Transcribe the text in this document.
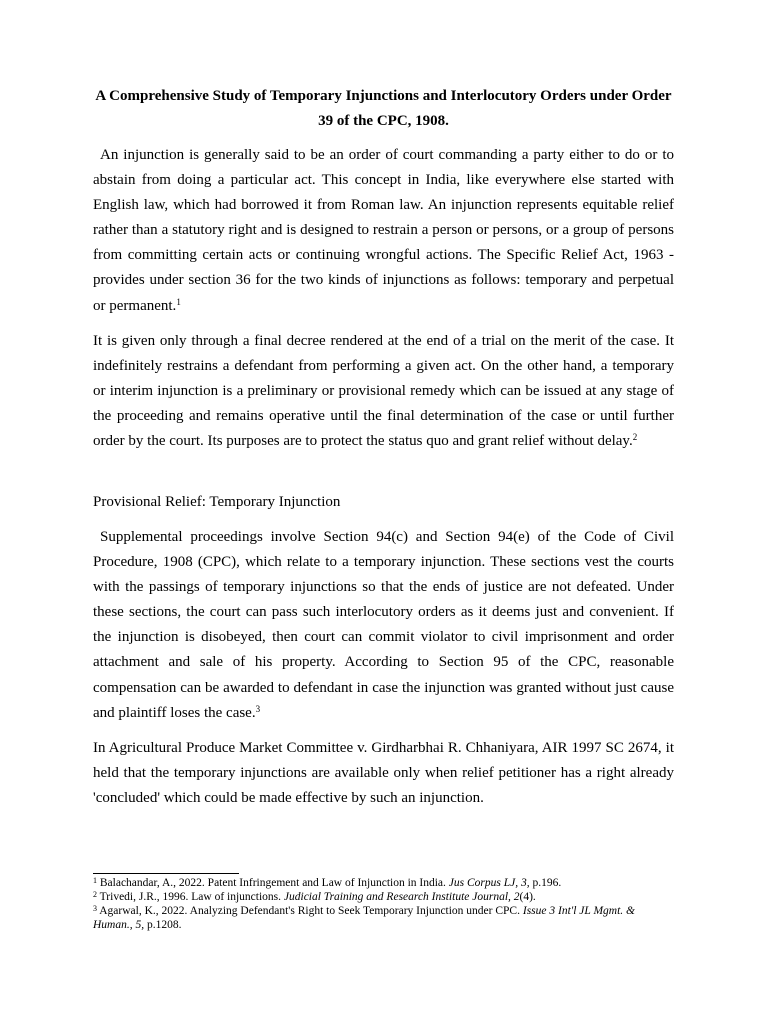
A Comprehensive Study of Temporary Injunctions and Interlocutory Orders under Order 39 of the CPC, 1908.

An injunction is generally said to be an order of court commanding a party either to do or to abstain from doing a particular act. This concept in India, like everywhere else started with English law, which had borrowed it from Roman law. An injunction represents equitable relief rather than a statutory right and is designed to restrain a person or persons, or a group of persons from committing certain acts or continuing wrongful actions. The Specific Relief Act, 1963 - provides under section 36 for the two kinds of injunctions as follows: temporary and perpetual or permanent.$^1$

It is given only through a final decree rendered at the end of a trial on the merit of the case. It indefinitely restrains a defendant from performing a given act. On the other hand, a temporary or interim injunction is a preliminary or provisional remedy which can be issued at any stage of the proceeding and remains operative until the final determination of the case or until further order by the court. Its purposes are to protect the status quo and grant relief without delay.$^2$

Provisional Relief: Temporary Injunction

Supplemental proceedings involve Section 94(c) and Section 94(e) of the Code of Civil Procedure, 1908 (CPC), which relate to a temporary injunction. These sections vest the courts with the passings of temporary injunctions so that the ends of justice are not defeated. Under these sections, the court can pass such interlocutory orders as it deems just and convenient. If the injunction is disobeyed, then court can commit violator to civil imprisonment and order attachment and sale of his property. According to Section 95 of the CPC, reasonable compensation can be awarded to defendant in case the injunction was granted without just cause and plaintiff loses the case.$^3$

In Agricultural Produce Market Committee v. Girdharbhai R. Chhaniyara, AIR 1997 SC 2674, it held that the temporary injunctions are available only when relief petitioner has a right already 'concluded' which could be made effective by such an injunction.

$^1$ Balachandar, A., 2022. Patent Infringement and Law of Injunction in India. Jus Corpus LJ, 3, p.196.

$^2$ Trivedi, J.R., 1996. Law of injunctions. Judicial Training and Research Institute Journal, 2(4).

$^3$ Agarwal, K., 2022. Analyzing Defendant's Right to Seek Temporary Injunction under CPC. Issue 3 Int'l JL Mgmt. & Human., 5, p.1208.
